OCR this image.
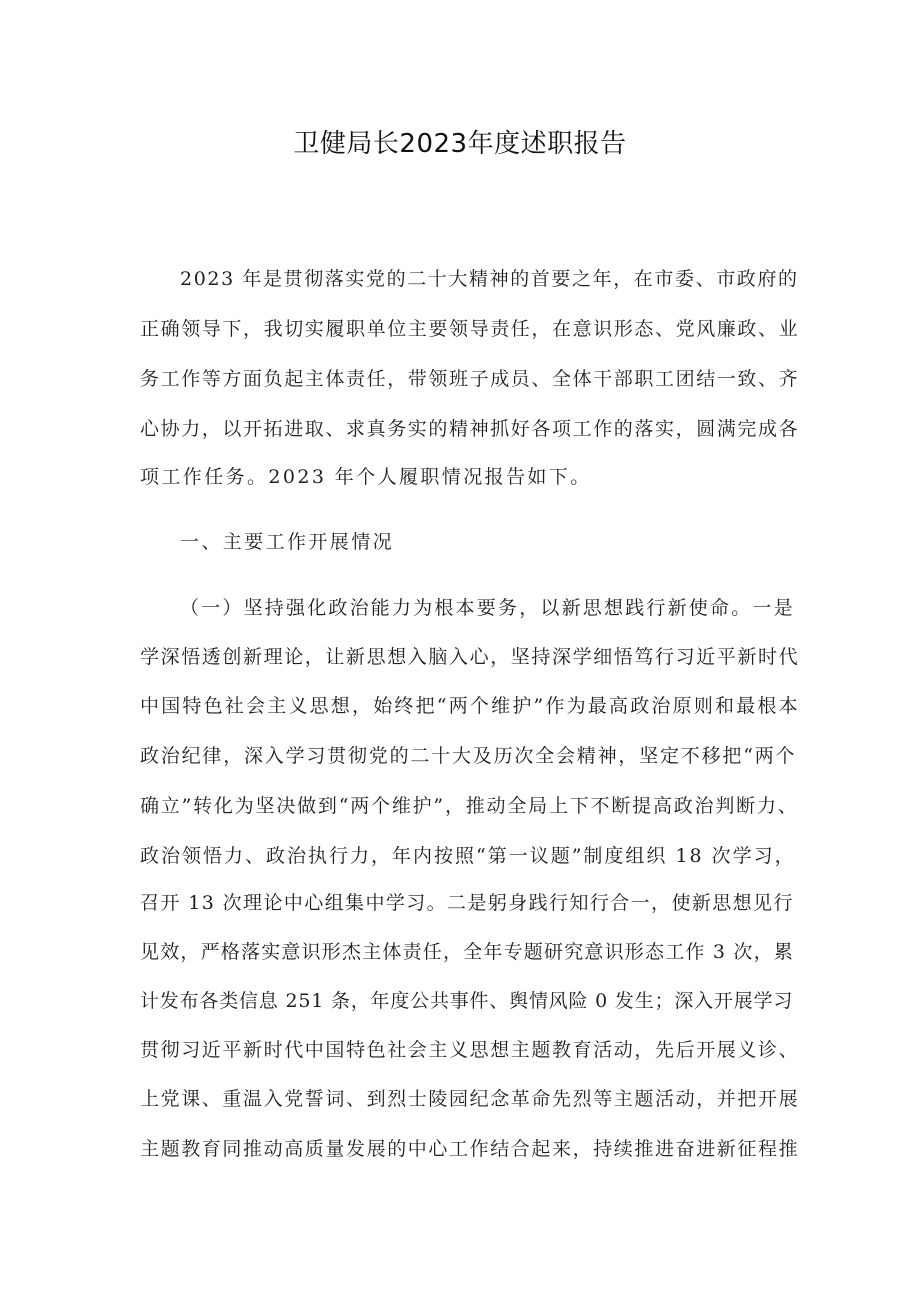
卫健局长2023年度述职报告

2023 年是贯彻落实党的二十大精神的首要之年，在市委、市政府的

正确领导下，我切实履职单位主要领导责任，在意识形态、党风廉政、业

务工作等方面负起主体责任，带领班子成员、全体干部职工团结一致、齐

心协力，以开拓进取、求真务实的精神抓好各项工作的落实，圆满完成各

项工作任务。2023 年个人履职情况报告如下。

一、主要工作开展情况

（一）坚持强化政治能力为根本要务，以新思想践行新使命。一是

学深悟透创新理论，让新思想入脑入心，坚持深学细悟笃行习近平新时代

中国特色社会主义思想，始终把“两个维护”作为最高政治原则和最根本

政治纪律，深入学习贯彻党的二十大及历次全会精神，坚定不移把“两个

确立”转化为坚决做到“两个维护”，推动全局上下不断提高政治判断力、

政治领悟力、政治执行力，年内按照“第一议题”制度组织 18 次学习，

召开 13 次理论中心组集中学习。二是躬身践行知行合一，使新思想见行

见效，严格落实意识形杰主体责任，全年专题研究意识形态工作 3 次，累

计发布各类信息 251 条，年度公共事件、舆情风险 0 发生；深入开展学习

贯彻习近平新时代中国特色社会主义思想主题教育活动，先后开展义诊、

上党课、重温入党誓词、到烈士陵园纪念革命先烈等主题活动，并把开展

主题教育同推动高质量发展的中心工作结合起来，持续推进奋进新征程推
